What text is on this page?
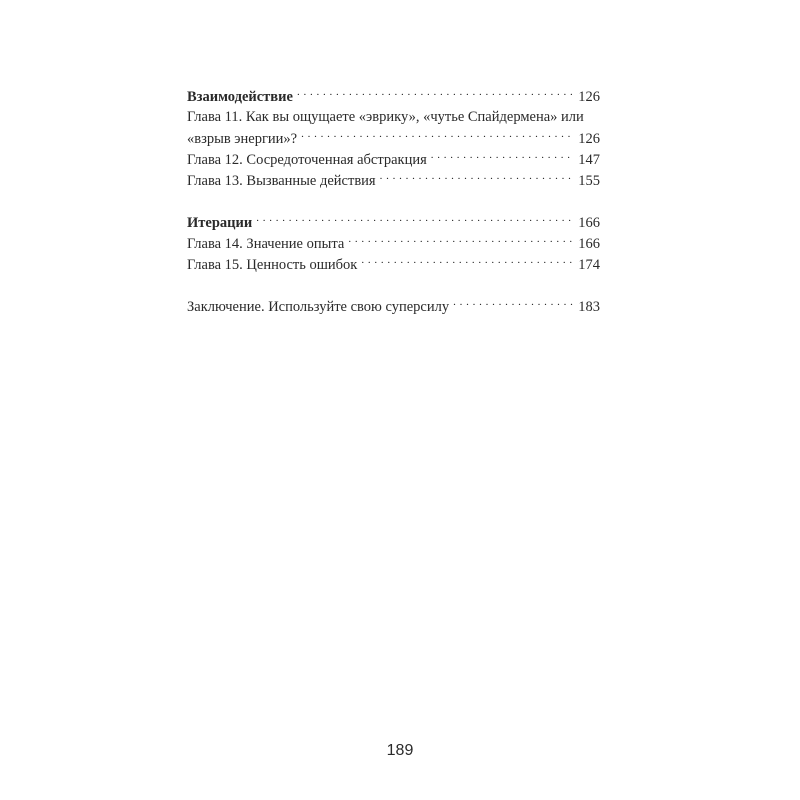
Взаимодействие . . .	126
Глава 11. Как вы ощущаете «эврику», «чутье Спайдермена» или
«взрыв энергии»? . . .	126
Глава 12. Сосредоточенная абстракция . . .	147
Глава 13. Вызванные действия . . .	155
Итерации . . .	166
Глава 14. Значение опыта . . .	166
Глава 15. Ценность ошибок . . .	174
Заключение. Используйте свою суперсилу . . .	183
189
